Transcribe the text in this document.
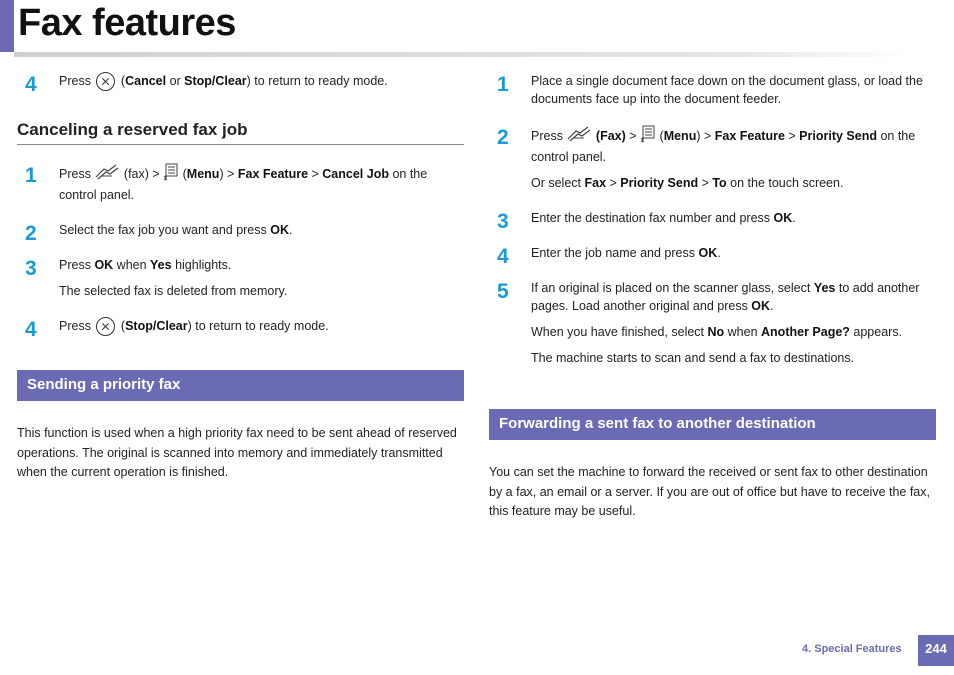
Fax features
4 Press  (Cancel or Stop/Clear) to return to ready mode.

Canceling a reserved fax job
1 Press  (fax) >  (Menu) > Fax Feature > Cancel Job on the control panel.

2 Select the fax job you want and press OK.

3 Press OK when Yes highlights.

The selected fax is deleted from memory.

4 Press  (Stop/Clear) to return to ready mode.

Sending a priority fax

This function is used when a high priority fax need to be sent ahead of reserved operations. The original is scanned into memory and immediately transmitted when the current operation is finished.

1 Place a single document face down on the document glass, or load the documents face up into the document feeder.

2 Press	(Fax) >  (Menu) > Fax Feature > Priority Send on the control panel.

Or select Fax > Priority Send > To on the touch screen.

3 Enter the destination fax number and press OK.

4 Enter the job name and press OK.

5 If an original is placed on the scanner glass, select Yes to add another pages. Load another original and press OK.

When you have finished, select No when Another Page? appears.

The machine starts to scan and send a fax to destinations.

Forwarding a sent fax to another destination

You can set the machine to forward the received or sent fax to other destination by a fax, an email or a server. If you are out of office but have to receive the fax, this feature may be useful.

4. Special Features	244
